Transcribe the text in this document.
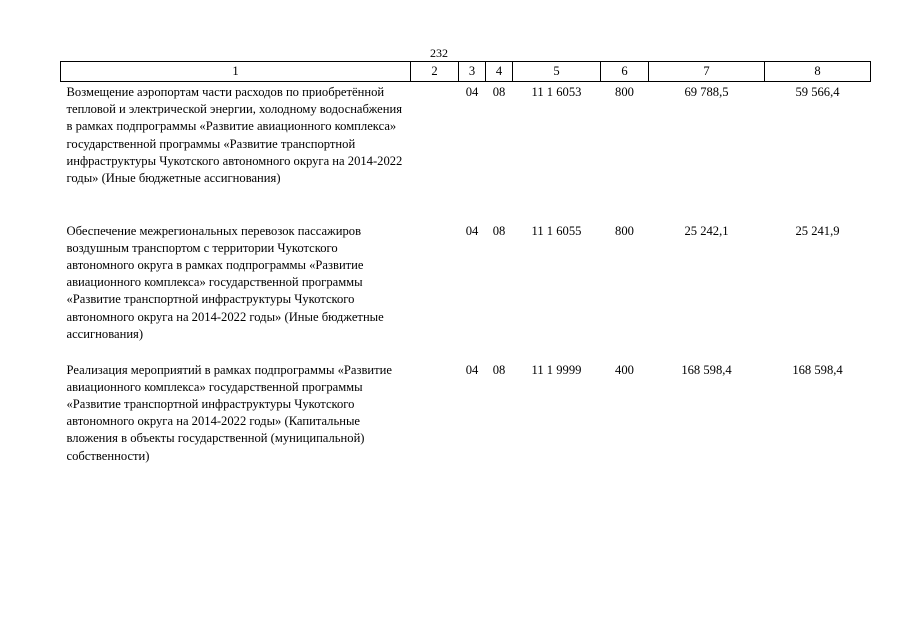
232
1	2	3	4	5	6	7	8
Возмещение аэропортам части расходов по приобретённой тепловой и электрической энергии, холодному водоснабжения в рамках подпрограммы «Развитие авиационного комплекса» государственной программы «Развитие транспортной инфраструктуры Чукотского автономного округа на 2014-2022 годы» (Иные бюджетные ассигнования)		04	08	11 1 6053	800	69 788,5	59 566,4
Обеспечение межрегиональных перевозок пассажиров воздушным транспортом с территории Чукотского автономного округа в рамках подпрограммы «Развитие авиационного комплекса» государственной программы «Развитие транспортной инфраструктуры Чукотского автономного округа на 2014-2022 годы» (Иные бюджетные ассигнования)		04	08	11 1 6055	800	25 242,1	25 241,9
Реализация мероприятий в рамках подпрограммы «Развитие авиационного комплекса» государственной программы «Развитие транспортной инфраструктуры Чукотского автономного округа на 2014-2022 годы» (Капитальные вложения в объекты государственной (муниципальной) собственности)		04	08	11 1 9999	400	168 598,4	168 598,4
